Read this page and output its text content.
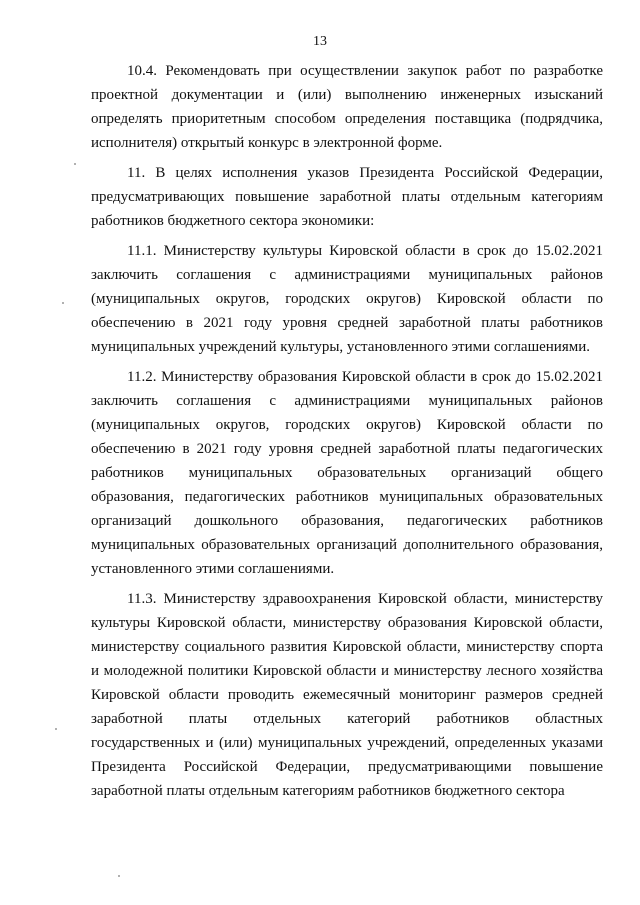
13

10.4. Рекомендовать при осуществлении закупок работ по разработке проектной документации и (или) выполнению инженерных изысканий определять приоритетным способом определения поставщика (подрядчика, исполнителя) открытый конкурс в электронной форме.

11. В целях исполнения указов Президента Российской Федерации, предусматривающих повышение заработной платы отдельным категориям работников бюджетного сектора экономики:

11.1. Министерству культуры Кировской области в срок до 15.02.2021 заключить соглашения с администрациями муниципальных районов (муниципальных округов, городских округов) Кировской области по обеспечению в 2021 году уровня средней заработной платы работников муниципальных учреждений культуры, установленного этими соглашениями.

11.2. Министерству образования Кировской области в срок до 15.02.2021 заключить соглашения с администрациями муниципальных районов (муниципальных округов, городских округов) Кировской области по обеспечению в 2021 году уровня средней заработной платы педагогических работников муниципальных образовательных организаций общего образования, педагогических работников муниципальных образовательных организаций дошкольного образования, педагогических работников муниципальных образовательных организаций дополнительного образования, установленного этими соглашениями.

11.3. Министерству здравоохранения Кировской области, министерству культуры Кировской области, министерству образования Кировской области, министерству социального развития Кировской области, министерству спорта и молодежной политики Кировской области и министерству лесного хозяйства Кировской области проводить ежемесячный мониторинг размеров средней заработной платы отдельных категорий работников областных государственных и (или) муниципальных учреждений, определенных указами Президента Российской Федерации, предусматривающими повышение заработной платы отдельным категориям работников бюджетного сектора
